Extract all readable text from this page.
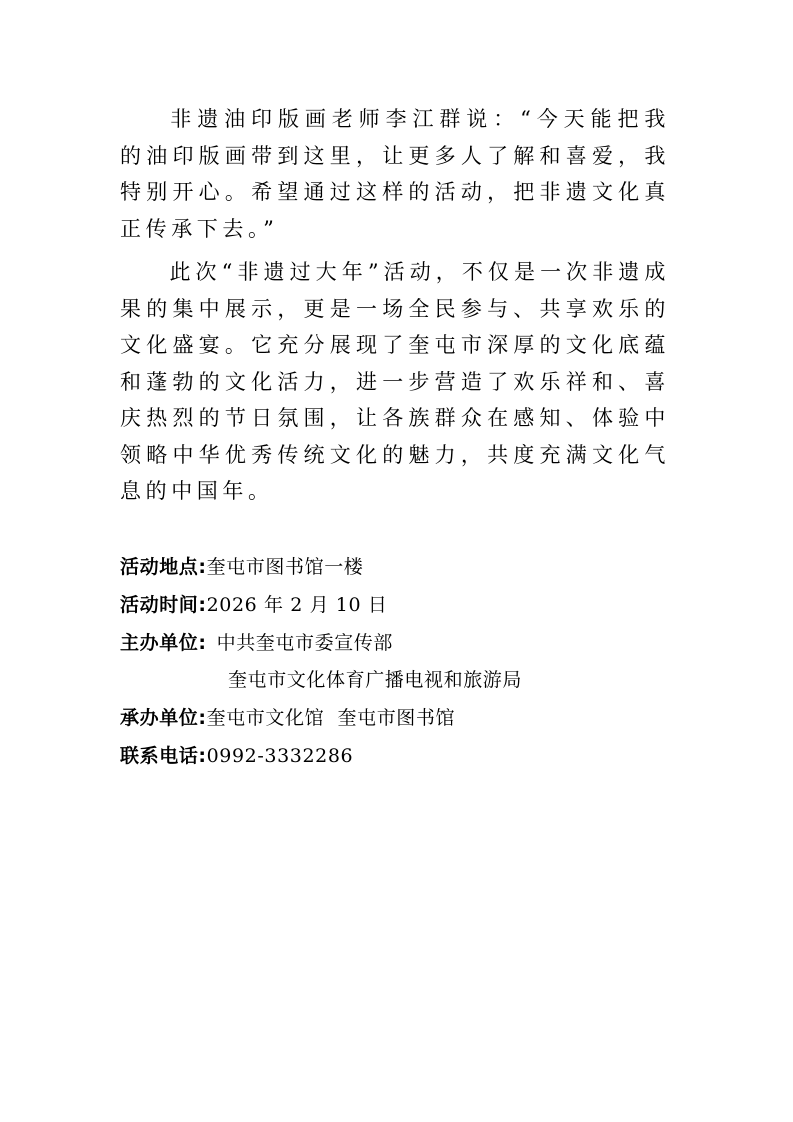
非遗油印版画老师李江群说：“今天能把我的油印版画带到这里，让更多人了解和喜爱，我特别开心。希望通过这样的活动，把非遗文化真正传承下去。”

此次“非遗过大年”活动，不仅是一次非遗成果的集中展示，更是一场全民参与、共享欢乐的文化盛宴。它充分展现了奎屯市深厚的文化底蕴和蓬勃的文化活力，进一步营造了欢乐祥和、喜庆热烈的节日氛围，让各族群众在感知、体验中领略中华优秀传统文化的魅力，共度充满文化气息的中国年。

活动地点:奎屯市图书馆一楼
活动时间:2026 年 2 月 10 日
主办单位: 中共奎屯市委宣传部
奎屯市文化体育广播电视和旅游局
承办单位:奎屯市文化馆  奎屯市图书馆
联系电话:0992-3332286
